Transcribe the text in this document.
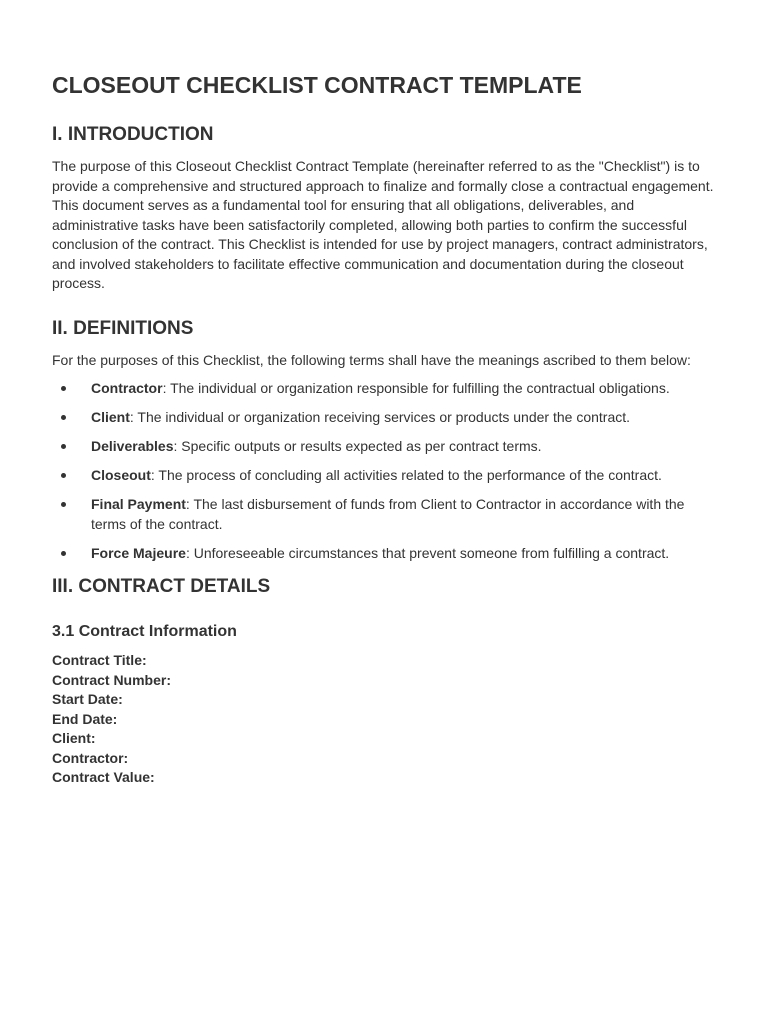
CLOSEOUT CHECKLIST CONTRACT TEMPLATE
I. INTRODUCTION

The purpose of this Closeout Checklist Contract Template (hereinafter referred to as the "Checklist") is to provide a comprehensive and structured approach to finalize and formally close a contractual engagement. This document serves as a fundamental tool for ensuring that all obligations, deliverables, and administrative tasks have been satisfactorily completed, allowing both parties to confirm the successful conclusion of the contract. This Checklist is intended for use by project managers, contract administrators, and involved stakeholders to facilitate effective communication and documentation during the closeout process.

II. DEFINITIONS

For the purposes of this Checklist, the following terms shall have the meanings ascribed to them below:

Contractor: The individual or organization responsible for fulfilling the contractual obligations.
Client: The individual or organization receiving services or products under the contract.
Deliverables: Specific outputs or results expected as per contract terms.
Closeout: The process of concluding all activities related to the performance of the contract.
Final Payment: The last disbursement of funds from Client to Contractor in accordance with the terms of the contract.
Force Majeure: Unforeseeable circumstances that prevent someone from fulfilling a contract.
III. CONTRACT DETAILS
3.1 Contract Information
Contract Title:
Contract Number:
Start Date:
End Date:
Client:
Contractor:
Contract Value:
